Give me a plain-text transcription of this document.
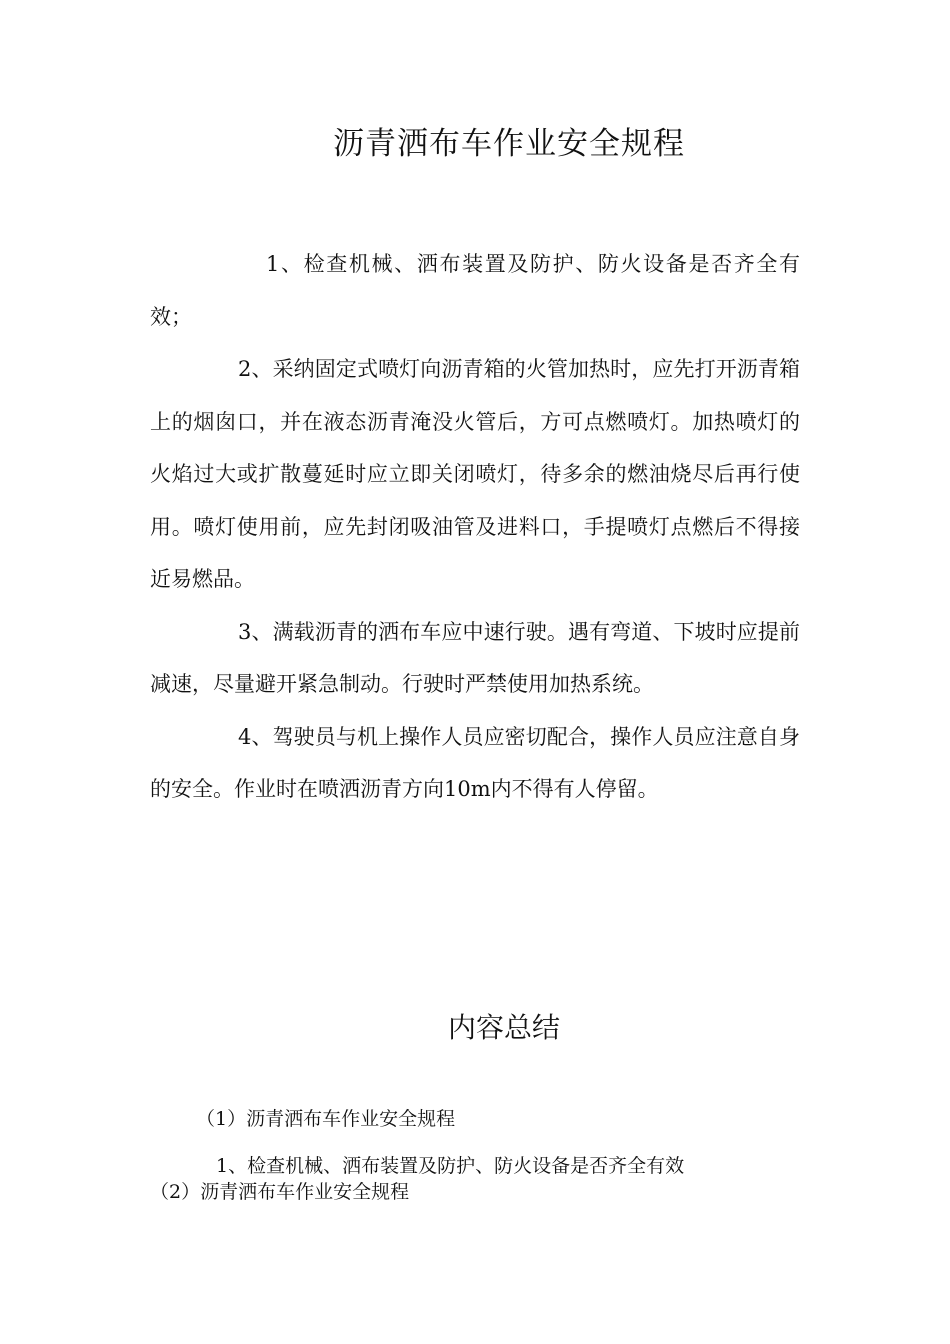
沥青洒布车作业安全规程

1、检查机械、洒布装置及防护、防火设备是否齐全有效；

2、采纳固定式喷灯向沥青箱的火管加热时，应先打开沥青箱上的烟囱口，并在液态沥青淹没火管后，方可点燃喷灯。加热喷灯的火焰过大或扩散蔓延时应立即关闭喷灯，待多余的燃油烧尽后再行使用。喷灯使用前，应先封闭吸油管及进料口，手提喷灯点燃后不得接近易燃品。

3、满载沥青的洒布车应中速行驶。遇有弯道、下坡时应提前减速，尽量避开紧急制动。行驶时严禁使用加热系统。

4、驾驶员与机上操作人员应密切配合，操作人员应注意自身的安全。作业时在喷洒沥青方向10m内不得有人停留。

内容总结
（1）沥青洒布车作业安全规程
1、检查机械、洒布装置及防护、防火设备是否齐全有效
（2）沥青洒布车作业安全规程
